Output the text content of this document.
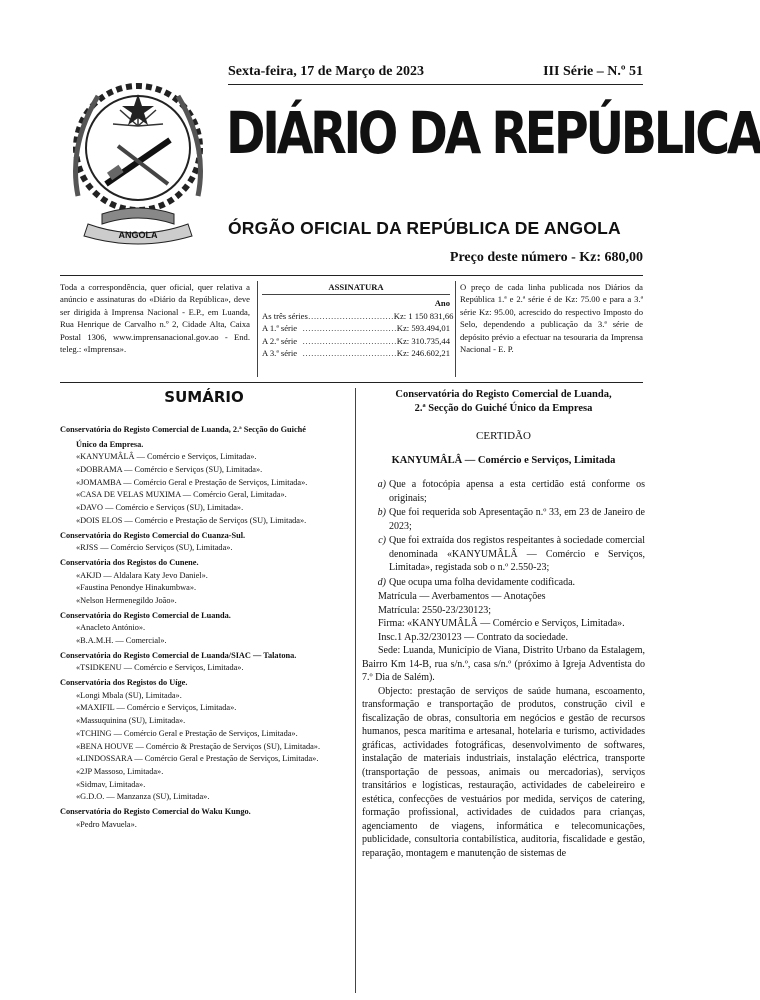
ANGOLA
Sexta-feira, 17 de Março de 2023	III Série – N.º 51
DIÁRIO DA REPÚBLICA
ÓRGÃO OFICIAL DA REPÚBLICA DE ANGOLA
Preço deste número - Kz: 680,00
Toda a correspondência, quer oficial, quer relativa a anúncio e assinaturas do «Diário da República», deve ser dirigida à Imprensa Nacional - E.P., em Luanda, Rua Henrique de Carvalho n.º 2, Cidade Alta, Caixa Postal 1306, www.imprensanacional.gov.ao - End. teleg.: «Imprensa».
ASSINATURA
Ano
As três séries ………………………… Kz: 1 150 831,66
A 1.ª série …………………………… Kz: 593.494,01
A 2.ª série …………………………… Kz: 310.735,44
A 3.ª série …………………………… Kz: 246.602,21
O preço de cada linha publicada nos Diários da República 1.ª e 2.ª série é de Kz: 75.00 e para a 3.ª série Kz: 95.00, acrescido do respectivo Imposto do Selo, dependendo a publicação da 3.ª série de depósito prévio a efectuar na tesouraria da Imprensa Nacional - E. P.
SUMÁRIO
Conservatória do Registo Comercial de Luanda, 2.ª Secção do Guiché
Único da Empresa.
«KANYUMÂLÂ — Comércio e Serviços, Limitada».
«DOBRAMA — Comércio e Serviços (SU), Limitada».
«JOMAMBA — Comércio Geral e Prestação de Serviços, Limitada».
«CASA DE VELAS MUXIMA — Comércio Geral, Limitada».
«DAVO — Comércio e Serviços (SU), Limitada».
«DOIS ELOS — Comércio e Prestação de Serviços (SU), Limitada».
Conservatória do Registo Comercial do Cuanza-Sul.
«RJSS — Comércio Serviços (SU), Limitada».
Conservatória dos Registos do Cunene.
«AKJD — Aldalara Katy Jevo Daniel».
«Faustina Penondye Hinakumbwa».
«Nelson Hermenegildo João».
Conservatória do Registo Comercial de Luanda.
«Anacleto António».
«B.A.M.H. — Comercial».
Conservatória do Registo Comercial de Luanda/SIAC — Talatona.
«TSIDKENU — Comércio e Serviços, Limitada».
Conservatória dos Registos do Uíge.
«Longi Mbala (SU), Limitada».
«MAXIFIL — Comércio e Serviços, Limitada».
«Massuquinina (SU), Limitada».
«TCHING — Comércio Geral e Prestação de Serviços, Limitada».
«BENA HOUVE — Comércio & Prestação de Serviços (SU), Limitada».
«LINDOSSARA — Comércio Geral e Prestação de Serviços, Limitada».
«2JP Massoso, Limitada».
«Sidmav, Limitada».
«G.D.O. — Manzanza (SU), Limitada».
Conservatória do Registo Comercial do Waku Kungo.
«Pedro Mavuela».
Conservatória do Registo Comercial de Luanda,
2.ª Secção do Guiché Único da Empresa
CERTIDÃO
KANYUMÂLÂ — Comércio e Serviços, Limitada
a) Que a fotocópia apensa a esta certidão está conforme os originais;
b) Que foi requerida sob Apresentação n.º 33, em 23 de Janeiro de 2023;
c) Que foi extraída dos registos respeitantes à sociedade comercial denominada «KANYUMÂLÂ — Comércio e Serviços, Limitada», registada sob o n.º 2.550-23;
d) Que ocupa uma folha devidamente codificada.
Matrícula — Averbamentos — Anotações
Matrícula: 2550-23/230123;
Firma: «KANYUMÂLÂ — Comércio e Serviços, Limitada».
Insc.1 Ap.32/230123 — Contrato da sociedade.
Sede: Luanda, Município de Viana, Distrito Urbano da Estalagem, Bairro Km 14-B, rua s/n.º, casa s/n.º (próximo à Igreja Adventista do 7.º Dia de Salém).
Objecto: prestação de serviços de saúde humana, escoamento, transformação e transportação de produtos, construção civil e fiscalização de obras, consultoria em negócios e gestão de recursos humanos, pesca marítima e artesanal, hotelaria e turismo, actividades gráficas, actividades fotográficas, desenvolvimento de softwares, instalação de materiais industriais, instalação eléctrica, transporte (transportação de pessoas, animais ou mercadorias), serviços transitários e logísticas, restauração, actividades de cabeleireiro e estética, confecções de vestuários por medida, serviços de catering, formação profissional, actividades de cuidados para crianças, agenciamento de viagens, informática e telecomunicações, publicidade, consultoria contabilística, auditoria, fiscalidade e gestão, reparação, montagem e manutenção de sistemas de
